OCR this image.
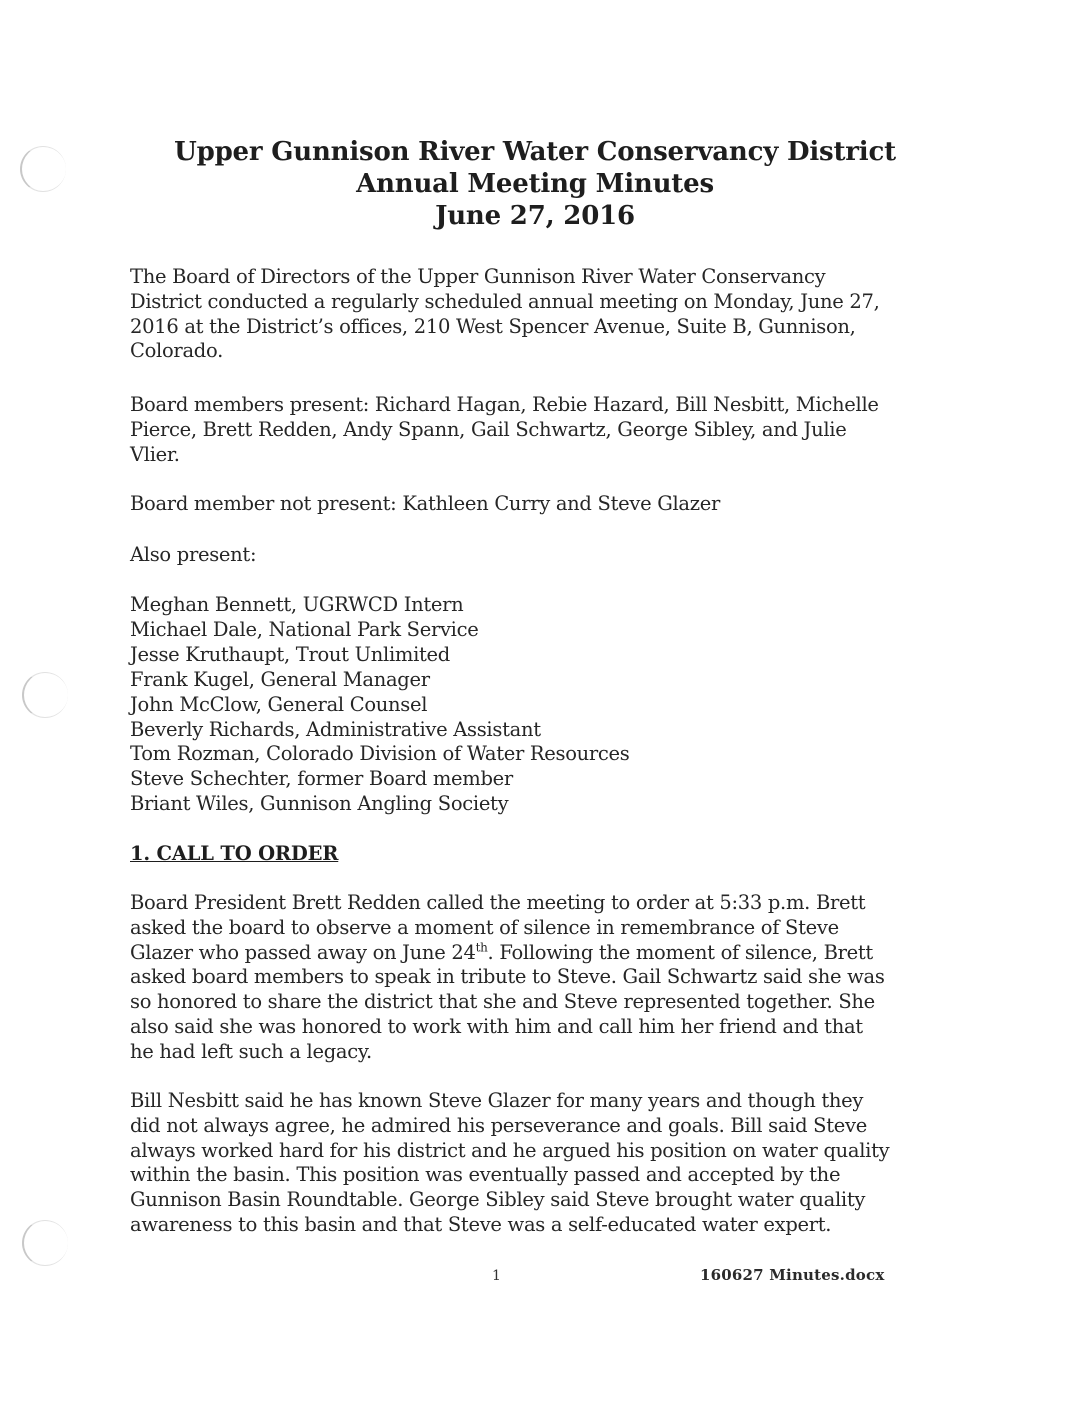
Upper Gunnison River Water Conservancy District
Annual Meeting Minutes
June 27, 2016

The Board of Directors of the Upper Gunnison River Water Conservancy
District conducted a regularly scheduled annual meeting on Monday, June 27,
2016 at the District’s offices, 210 West Spencer Avenue, Suite B, Gunnison,
Colorado.

Board members present: Richard Hagan, Rebie Hazard, Bill Nesbitt, Michelle
Pierce, Brett Redden, Andy Spann, Gail Schwartz, George Sibley, and Julie
Vlier.

Board member not present: Kathleen Curry and Steve Glazer

Also present:

Meghan Bennett, UGRWCD Intern
Michael Dale, National Park Service
Jesse Kruthaupt, Trout Unlimited
Frank Kugel, General Manager
John McClow, General Counsel
Beverly Richards, Administrative Assistant
Tom Rozman, Colorado Division of Water Resources
Steve Schechter, former Board member
Briant Wiles, Gunnison Angling Society
1. CALL TO ORDER

Board President Brett Redden called the meeting to order at 5:33 p.m. Brett
asked the board to observe a moment of silence in remembrance of Steve
Glazer who passed away on June 24th. Following the moment of silence, Brett
asked board members to speak in tribute to Steve. Gail Schwartz said she was
so honored to share the district that she and Steve represented together. She
also said she was honored to work with him and call him her friend and that
he had left such a legacy.

Bill Nesbitt said he has known Steve Glazer for many years and though they
did not always agree, he admired his perseverance and goals. Bill said Steve
always worked hard for his district and he argued his position on water quality
within the basin. This position was eventually passed and accepted by the
Gunnison Basin Roundtable. George Sibley said Steve brought water quality
awareness to this basin and that Steve was a self-educated water expert.

1	160627 Minutes.docx
